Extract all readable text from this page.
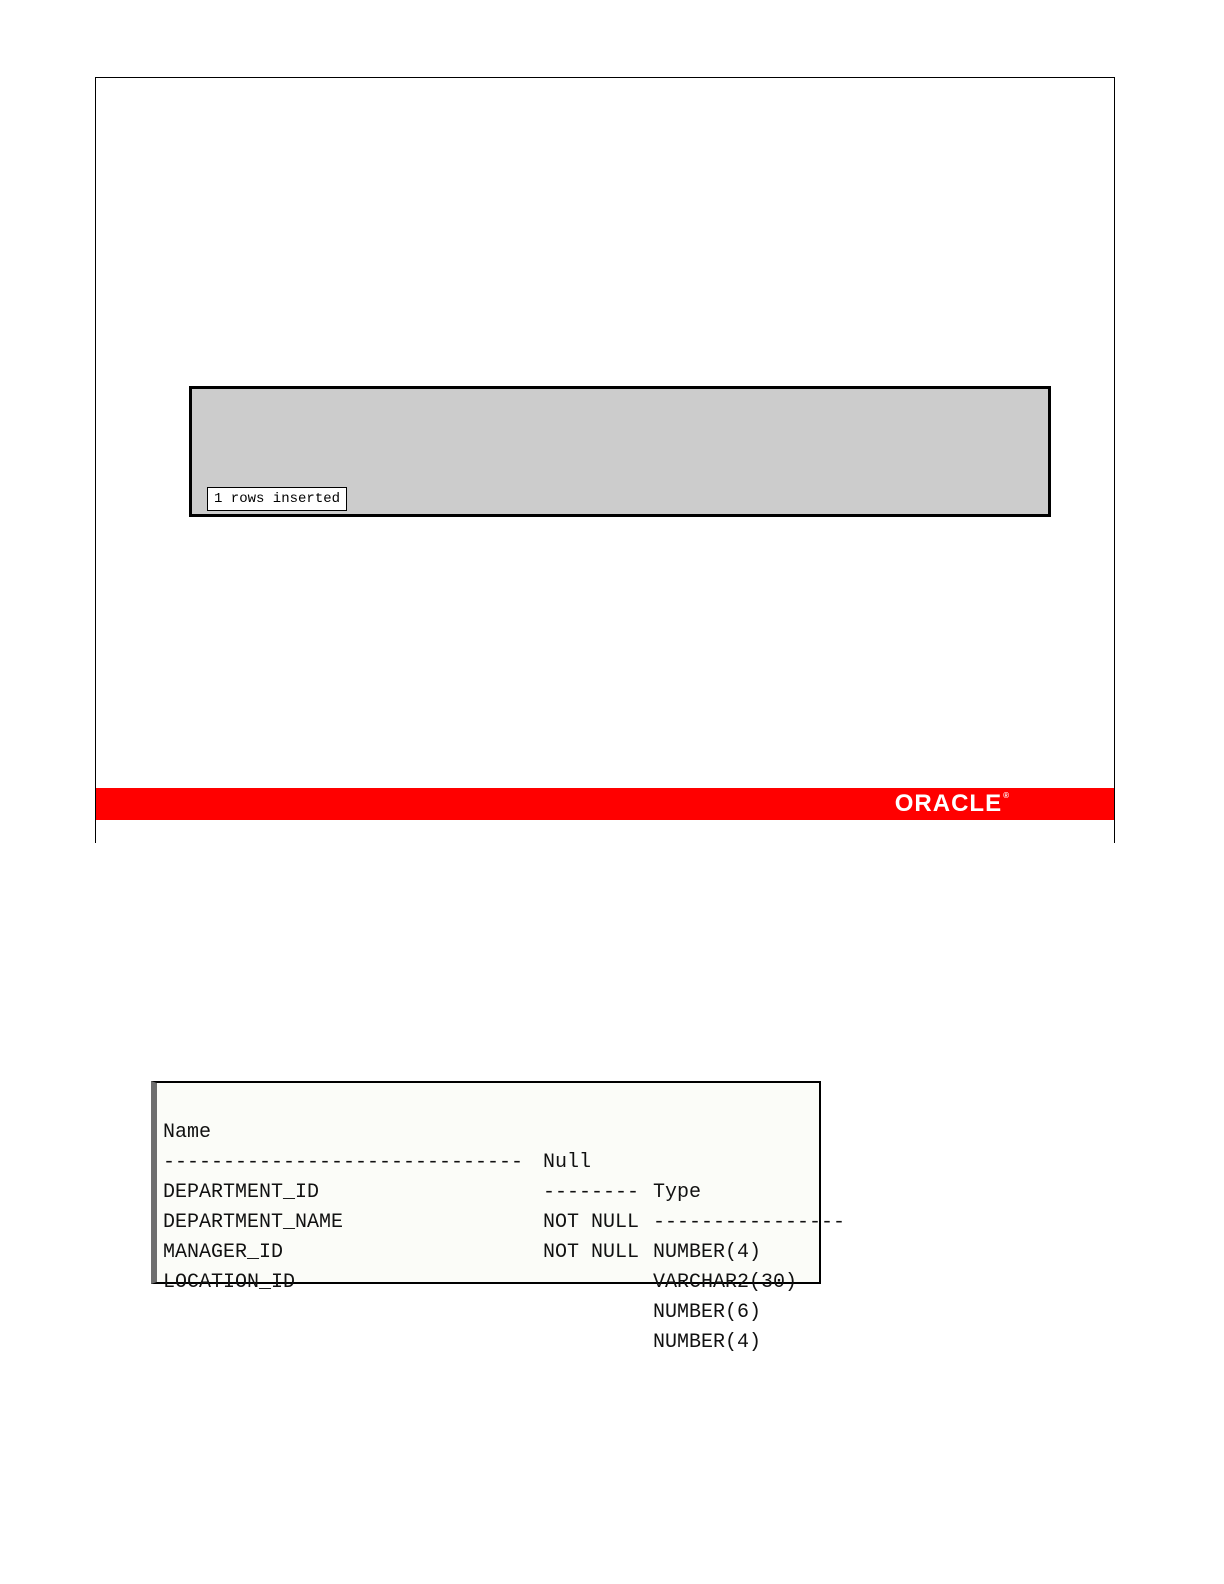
1 rows inserted
ORACLE®

Name

Null

Type

------------------------------

--------

----------------

DEPARTMENT_ID

NOT NULL

NUMBER(4)

DEPARTMENT_NAME

NOT NULL

VARCHAR2(30)

MANAGER_ID

NUMBER(6)

LOCATION_ID

NUMBER(4)
